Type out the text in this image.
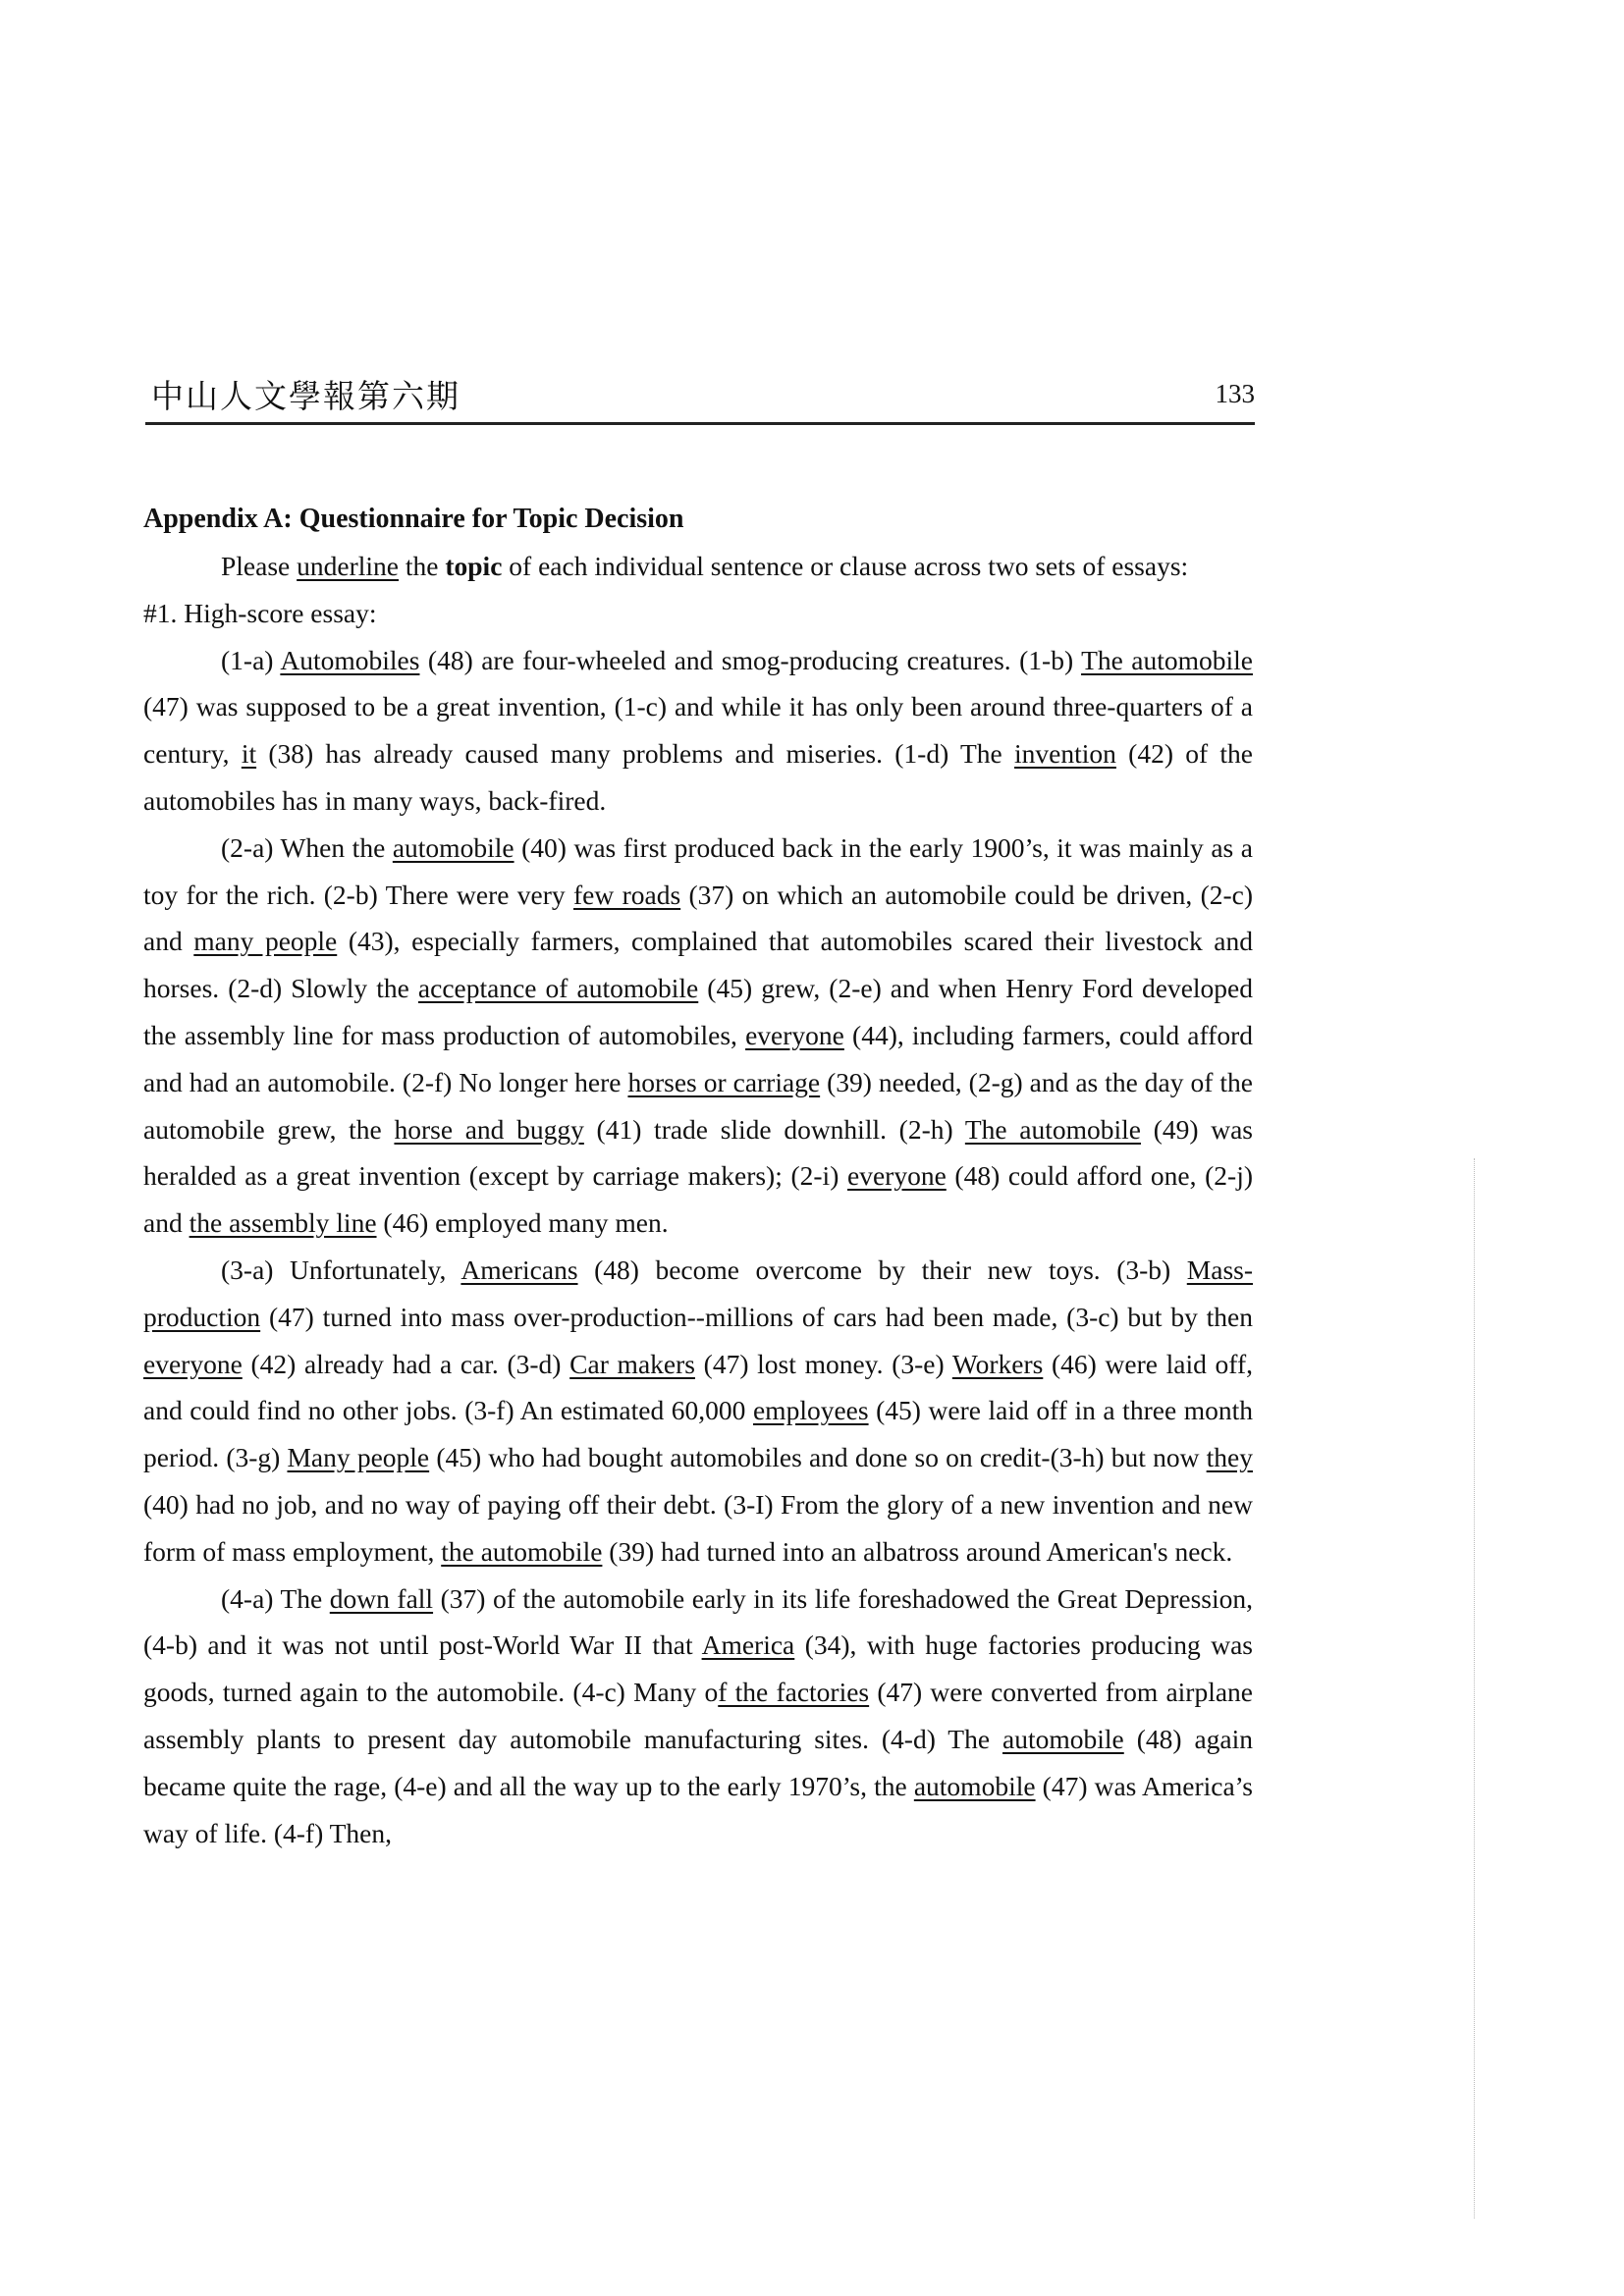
中山人文學報第六期	133

Appendix A: Questionnaire for Topic Decision

Please underline the topic of each individual sentence or clause across two sets of essays:

#1. High-score essay:

(1-a) Automobiles (48) are four-wheeled and smog-producing creatures. (1-b) The automobile (47) was supposed to be a great invention, (1-c) and while it has only been around three-quarters of a century, it (38) has already caused many problems and miseries. (1-d) The invention (42) of the automobiles has in many ways, back-fired.

(2-a) When the automobile (40) was first produced back in the early 1900’s, it was mainly as a toy for the rich. (2-b) There were very few roads (37) on which an automobile could be driven, (2-c) and many people (43), especially farmers, complained that automobiles scared their livestock and horses. (2-d) Slowly the acceptance of automobile (45) grew, (2-e) and when Henry Ford developed the assembly line for mass production of automobiles, everyone (44), including farmers, could afford and had an automobile. (2-f) No longer here horses or carriage (39) needed, (2-g) and as the day of the automobile grew, the horse and buggy (41) trade slide downhill. (2-h) The automobile (49) was heralded as a great invention (except by carriage makers); (2-i) everyone (48) could afford one, (2-j) and the assembly line (46) employed many men.

(3-a) Unfortunately, Americans (48) become overcome by their new toys. (3-b) Mass-production (47) turned into mass over-production--millions of cars had been made, (3-c) but by then everyone (42) already had a car. (3-d) Car makers (47) lost money. (3-e) Workers (46) were laid off, and could find no other jobs. (3-f) An estimated 60,000 employees (45) were laid off in a three month period. (3-g) Many people (45) who had bought automobiles and done so on credit-(3-h) but now they (40) had no job, and no way of paying off their debt. (3-I) From the glory of a new invention and new form of mass employment, the automobile (39) had turned into an albatross around American's neck.

(4-a) The down fall (37) of the automobile early in its life foreshadowed the Great Depression, (4-b) and it was not until post-World War II that America (34), with huge factories producing was goods, turned again to the automobile. (4-c) Many of the factories (47) were converted from airplane assembly plants to present day automobile manufacturing sites. (4-d) The automobile (48) again became quite the rage, (4-e) and all the way up to the early 1970’s, the automobile (47) was America’s way of life. (4-f) Then,
